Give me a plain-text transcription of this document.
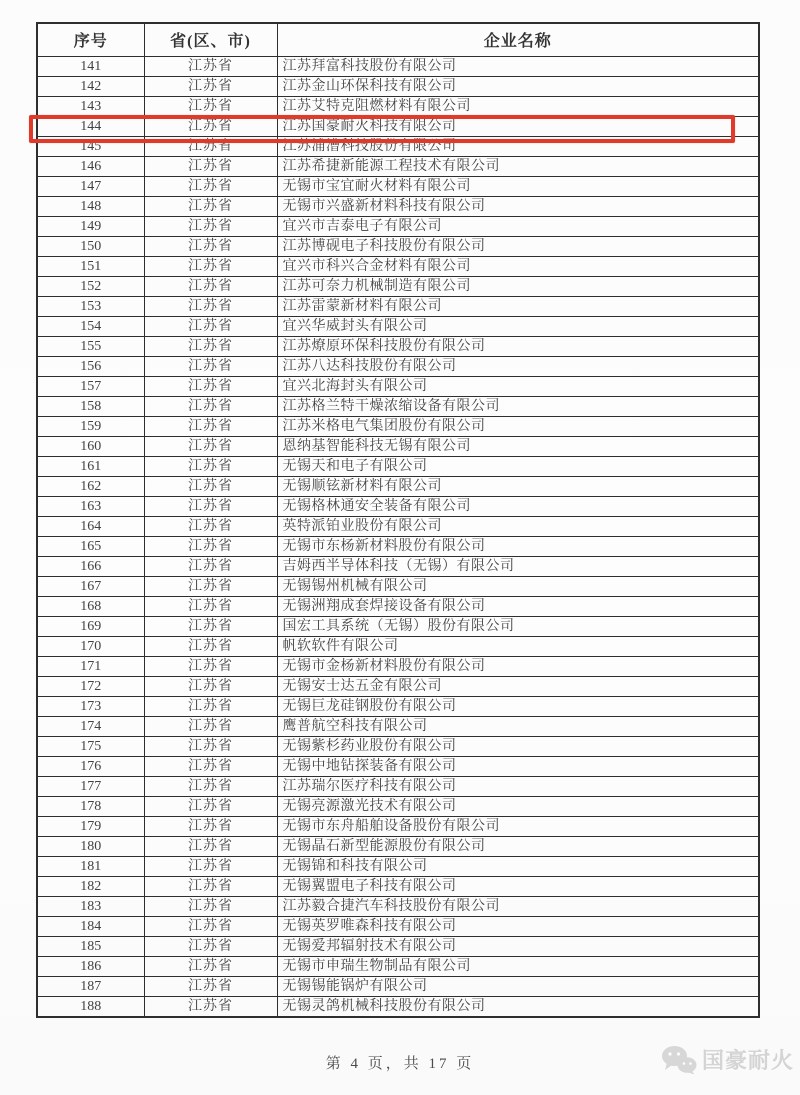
序号	省(区、市)	企业名称
141	江苏省	江苏拜富科技股份有限公司
142	江苏省	江苏金山环保科技有限公司
143	江苏省	江苏艾特克阻燃材料有限公司
144	江苏省	江苏国豪耐火科技有限公司
145	江苏省	江苏浦漕科技股份有限公司
146	江苏省	江苏希捷新能源工程技术有限公司
147	江苏省	无锡市宝宜耐火材料有限公司
148	江苏省	无锡市兴盛新材料科技有限公司
149	江苏省	宜兴市吉泰电子有限公司
150	江苏省	江苏博砚电子科技股份有限公司
151	江苏省	宜兴市科兴合金材料有限公司
152	江苏省	江苏可奈力机械制造有限公司
153	江苏省	江苏雷蒙新材料有限公司
154	江苏省	宜兴华威封头有限公司
155	江苏省	江苏燎原环保科技股份有限公司
156	江苏省	江苏八达科技股份有限公司
157	江苏省	宜兴北海封头有限公司
158	江苏省	江苏格兰特干燥浓缩设备有限公司
159	江苏省	江苏米格电气集团股份有限公司
160	江苏省	恩纳基智能科技无锡有限公司
161	江苏省	无锡天和电子有限公司
162	江苏省	无锡顺铉新材料有限公司
163	江苏省	无锡格林通安全装备有限公司
164	江苏省	英特派铂业股份有限公司
165	江苏省	无锡市东杨新材料股份有限公司
166	江苏省	吉姆西半导体科技（无锡）有限公司
167	江苏省	无锡锡州机械有限公司
168	江苏省	无锡洲翔成套焊接设备有限公司
169	江苏省	国宏工具系统（无锡）股份有限公司
170	江苏省	帆软软件有限公司
171	江苏省	无锡市金杨新材料股份有限公司
172	江苏省	无锡安士达五金有限公司
173	江苏省	无锡巨龙硅钢股份有限公司
174	江苏省	鹰普航空科技有限公司
175	江苏省	无锡紫杉药业股份有限公司
176	江苏省	无锡中地钻探装备有限公司
177	江苏省	江苏瑞尔医疗科技有限公司
178	江苏省	无锡亮源激光技术有限公司
179	江苏省	无锡市东舟船舶设备股份有限公司
180	江苏省	无锡晶石新型能源股份有限公司
181	江苏省	无锡锦和科技有限公司
182	江苏省	无锡翼盟电子科技有限公司
183	江苏省	江苏毅合捷汽车科技股份有限公司
184	江苏省	无锡英罗唯森科技有限公司
185	江苏省	无锡爱邦辐射技术有限公司
186	江苏省	无锡市申瑞生物制品有限公司
187	江苏省	无锡锡能锅炉有限公司
188	江苏省	无锡灵鸽机械科技股份有限公司
第 4 页，共 17 页	国豪耐火
